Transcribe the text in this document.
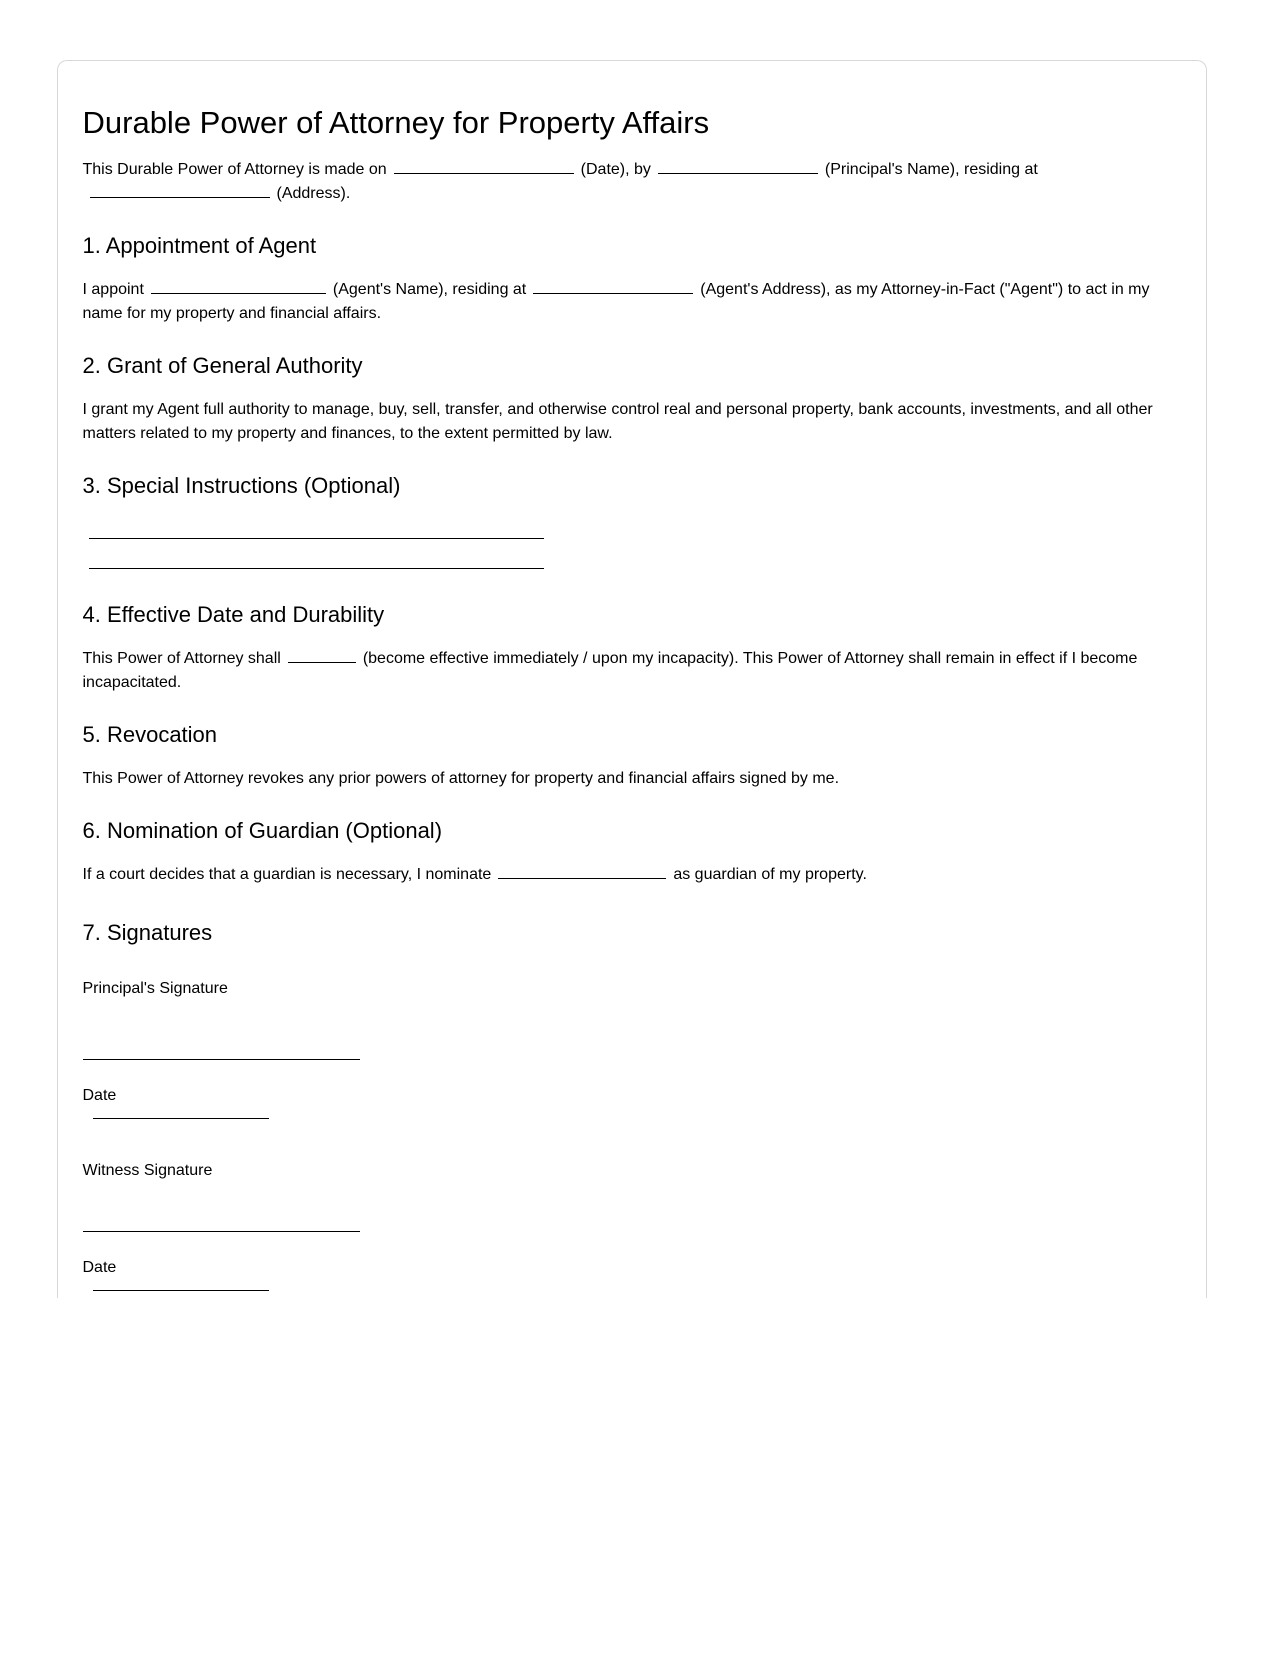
Durable Power of Attorney for Property Affairs

This Durable Power of Attorney is made on	(Date), by	(Principal's Name), residing at(Address).

1. Appointment of Agent

I appoint	(Agent's Name), residing at	(Agent's Address), as my Attorney-in-Fact ("Agent") to act in my name for my property and financial affairs.

2. Grant of General Authority

I grant my Agent full authority to manage, buy, sell, transfer, and otherwise control real and personal property, bank accounts, investments, and all other matters related to my property and finances, to the extent permitted by law.

3. Special Instructions (Optional)
4. Effective Date and Durability

This Power of Attorney shall	(become effective immediately / upon my incapacity). This Power of Attorney shall remain in effect if I become incapacitated.

5. Revocation

This Power of Attorney revokes any prior powers of attorney for property and financial affairs signed by me.

6. Nomination of Guardian (Optional)

If a court decides that a guardian is necessary, I nominate	as guardian of my property.

7. Signatures

Principal's Signature

Date

Witness Signature

Date
